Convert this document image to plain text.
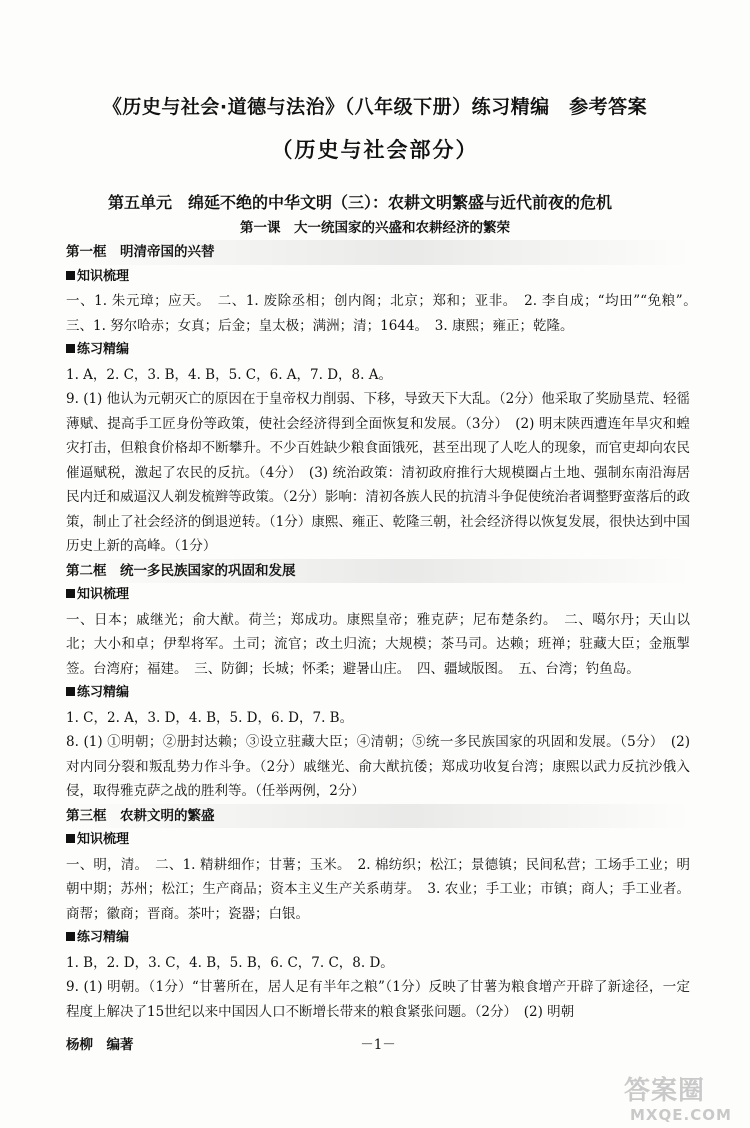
《历史与社会·道德与法治》（八年级下册）练习精编　参考答案
（历史与社会部分）
第五单元　绵延不绝的中华文明（三）：农耕文明繁盛与近代前夜的危机
第一课　大一统国家的兴盛和农耕经济的繁荣
第一框　明清帝国的兴替
知识梳理
一、1. 朱元璋；应天。　二、1. 废除丞相；创内阁；北京；郑和；亚非。　2. 李自成；“均田”“免粮”。　三、1. 努尔哈赤；女真；后金；皇太极；满洲；清；1644。　3. 康熙；雍正；乾隆。
练习精编
1. A，2. C，3. B，4. B，5. C，6. A，7. D，8. A。
9. (1) 他认为元朝灭亡的原因在于皇帝权力削弱、下移，导致天下大乱。（2分）他采取了奖励垦荒、轻徭薄赋、提高手工匠身份等政策，使社会经济得到全面恢复和发展。（3分）　(2) 明末陕西遭连年旱灾和蝗灾打击，但粮食价格却不断攀升。不少百姓缺少粮食面饿死，甚至出现了人吃人的现象，而官吏却向农民催逼赋税，激起了农民的反抗。（4分）　(3) 统治政策：清初政府推行大规模圈占土地、强制东南沿海居民内迁和威逼汉人剃发梳辫等政策。（2分）影响：清初各族人民的抗清斗争促使统治者调整野蛮落后的政策，制止了社会经济的倒退逆转。（1分）康熙、雍正、乾隆三朝，社会经济得以恢复发展，很快达到中国历史上新的高峰。（1分）
第二框　统一多民族国家的巩固和发展
知识梳理
一、日本；戚继光；俞大猷。荷兰；郑成功。康熙皇帝；雅克萨；尼布楚条约。　二、噶尔丹；天山以北；大小和卓；伊犁将军。土司；流官；改土归流；大规模；茶马司。达赖；班禅；驻藏大臣；金瓶掣签。台湾府；福建。　三、防御；长城；怀柔；避暑山庄。　四、疆域版图。　五、台湾；钓鱼岛。
练习精编
1. C，2. A，3. D，4. B，5. D，6. D，7. B。
8. (1) ①明朝；②册封达赖；③设立驻藏大臣；④清朝；⑤统一多民族国家的巩固和发展。（5分）　(2) 对内同分裂和叛乱势力作斗争。（2分）戚继光、俞大猷抗倭；郑成功收复台湾；康熙以武力反抗沙俄入侵，取得雅克萨之战的胜利等。（任举两例，2分）
第三框　农耕文明的繁盛
知识梳理
一、明，清。　二、1. 精耕细作；甘薯；玉米。　2. 棉纺织；松江；景德镇；民间私营；工场手工业；明朝中期；苏州；松江；生产商品；资本主义生产关系萌芽。　3. 农业；手工业；市镇；商人；手工业者。商帮；徽商；晋商。茶叶；瓷器；白银。
练习精编
1. B，2. D，3. C，4. B，5. B，6. C，7. C，8. D。
9. (1) 明朝。（1分）“甘薯所在，居人足有半年之粮”（1分）反映了甘薯为粮食增产开辟了新途径，一定程度上解决了15世纪以来中国因人口不断增长带来的粮食紧张问题。（2分）　(2) 明朝
杨柳　编著	－1－
答案圈
MXQE.COM
